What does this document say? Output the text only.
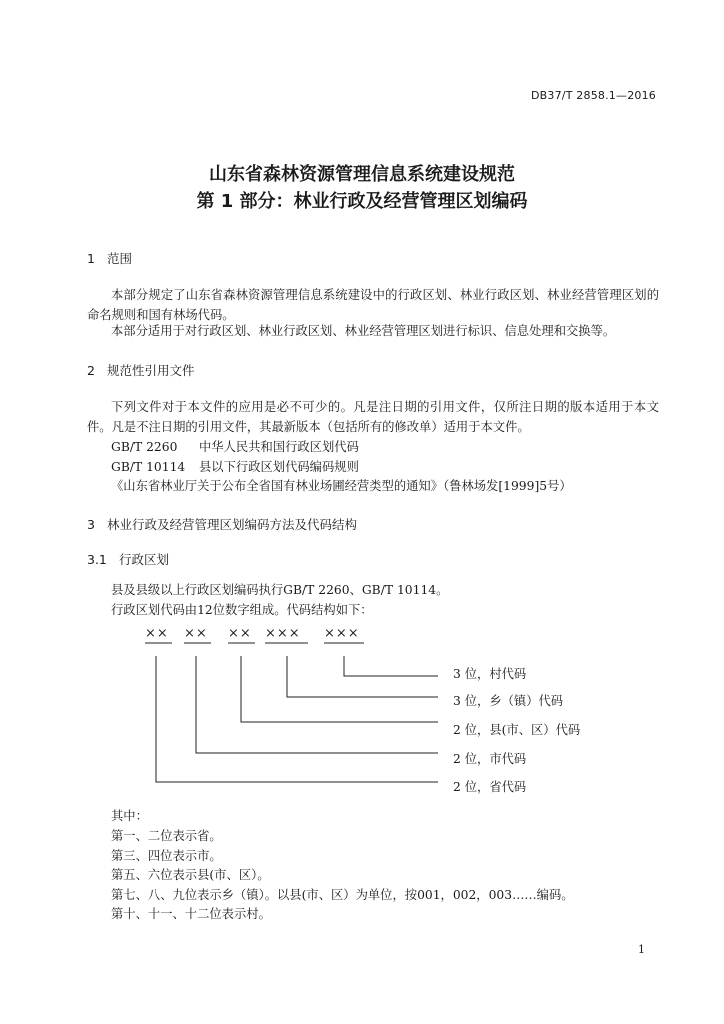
DB37/T 2858.1—2016
山东省森林资源管理信息系统建设规范
第 1 部分：林业行政及经营管理区划编码
1 范围
本部分规定了山东省森林资源管理信息系统建设中的行政区划、林业行政区划、林业经营管理区划的命名规则和国有林场代码。
本部分适用于对行政区划、林业行政区划、林业经营管理区划进行标识、信息处理和交换等。
2 规范性引用文件
下列文件对于本文件的应用是必不可少的。凡是注日期的引用文件，仅所注日期的版本适用于本文件。凡是不注日期的引用文件，其最新版本（包括所有的修改单）适用于本文件。
GB/T 2260 中华人民共和国行政区划代码
GB/T 10114 县以下行政区划代码编码规则
《山东省林业厅关于公布全省国有林业场圃经营类型的通知》（鲁林场发[1999]5号）
3 林业行政及经营管理区划编码方法及代码结构
3.1 行政区划
县及县级以上行政区划编码执行GB/T 2260、GB/T 10114。
行政区划代码由12位数字组成。代码结构如下：
×× ×× ×× ××× ×××
3 位，村代码
3 位，乡（镇）代码
2 位，县(市、区）代码
2 位，市代码
2 位，省代码
其中：
第一、二位表示省。
第三、四位表示市。
第五、六位表示县(市、区）。
第七、八、九位表示乡（镇）。以县(市、区）为单位，按001，002，003……编码。
第十、十一、十二位表示村。
1
